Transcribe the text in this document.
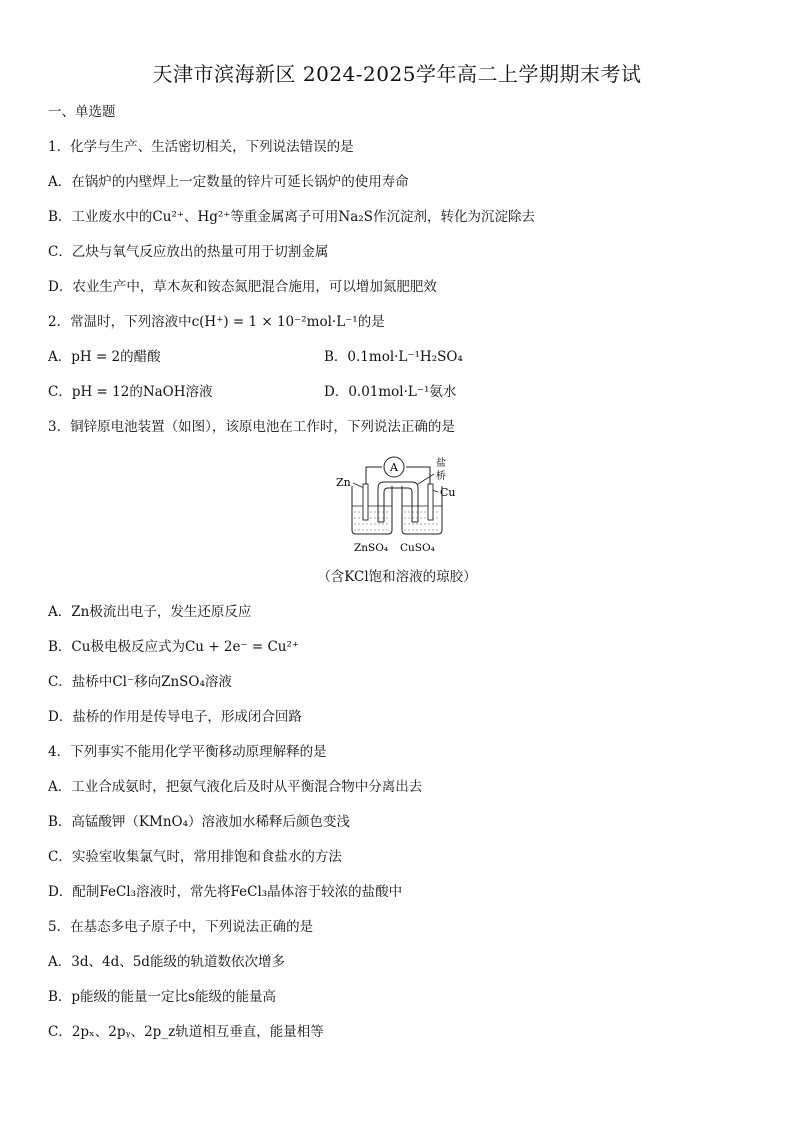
天津市滨海新区 2024-2025学年高二上学期期末考试
一、单选题
1．化学与生产、生活密切相关，下列说法错误的是
A．在锅炉的内壁焊上一定数量的锌片可延长锅炉的使用寿命
B．工业废水中的Cu²⁺、Hg²⁺等重金属离子可用Na₂S作沉淀剂，转化为沉淀除去
C．乙炔与氧气反应放出的热量可用于切割金属
D．农业生产中，草木灰和铵态氮肥混合施用，可以增加氮肥肥效
2．常温时，下列溶液中c(H⁺) = 1 × 10⁻²mol·L⁻¹的是
A．pH = 2的醋酸	B．0.1mol·L⁻¹H₂SO₄
C．pH = 12的NaOH溶液	D．0.01mol·L⁻¹氨水
3．铜锌原电池装置（如图），该原电池在工作时，下列说法正确的是
A
Zn
Cu
盐
桥
ZnSO₄ CuSO₄
（含KCl饱和溶液的琼胶）
A．Zn极流出电子，发生还原反应
B．Cu极电极反应式为Cu + 2e⁻ = Cu²⁺
C．盐桥中Cl⁻移向ZnSO₄溶液
D．盐桥的作用是传导电子，形成闭合回路
4．下列事实不能用化学平衡移动原理解释的是
A．工业合成氨时，把氨气液化后及时从平衡混合物中分离出去
B．高锰酸钾（KMnO₄）溶液加水稀释后颜色变浅
C．实验室收集氯气时，常用排饱和食盐水的方法
D．配制FeCl₃溶液时，常先将FeCl₃晶体溶于较浓的盐酸中
5．在基态多电子原子中，下列说法正确的是
A．3d、4d、5d能级的轨道数依次增多
B．p能级的能量一定比s能级的能量高
C．2pₓ、2pᵧ、2p_z轨道相互垂直，能量相等
